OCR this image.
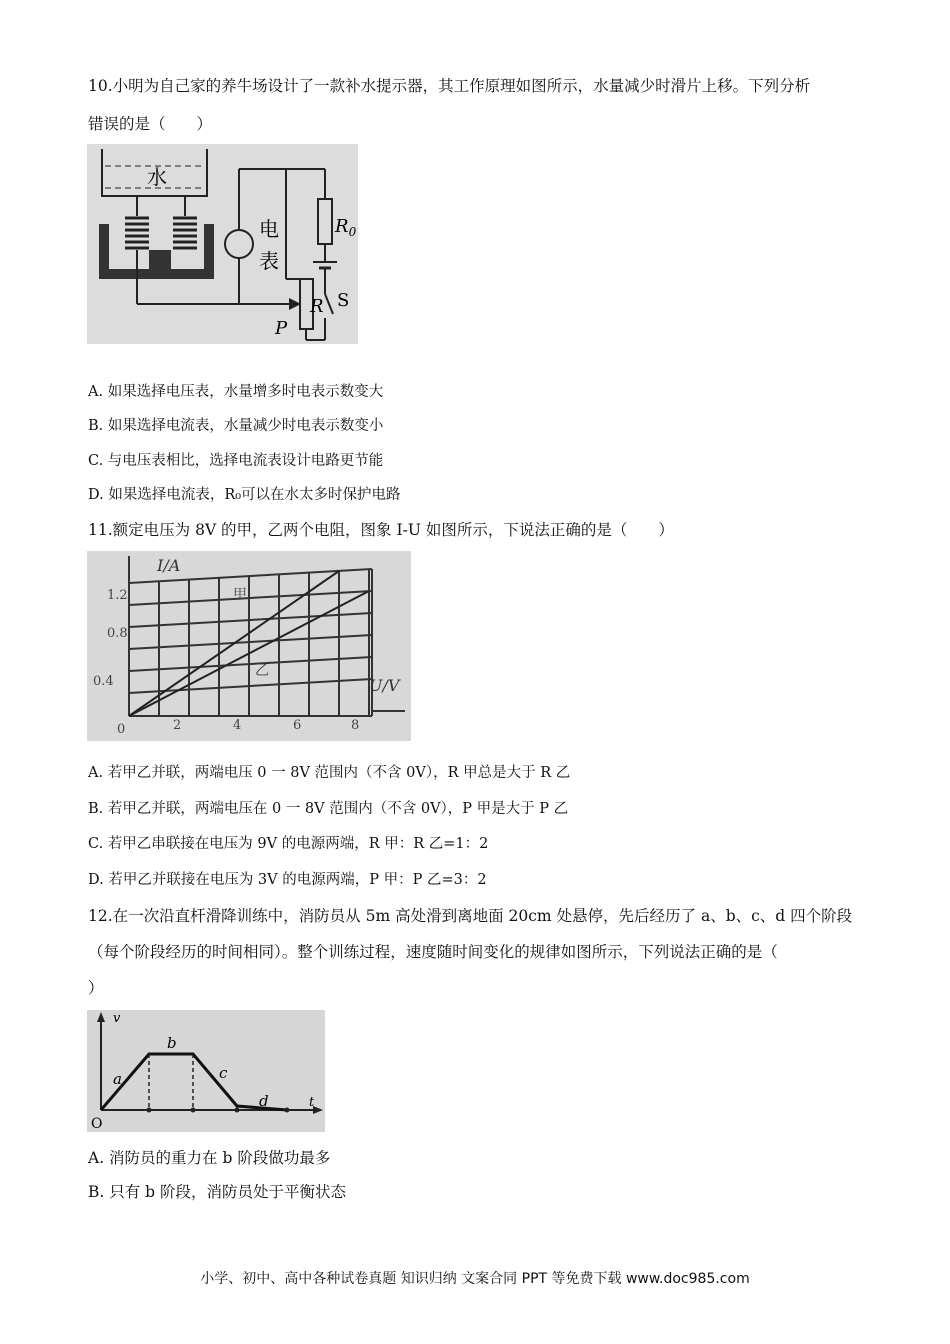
10.小明为自己家的养牛场设计了一款补水提示器，其工作原理如图所示，水量减少时滑片上移。下列分析
错误的是（　　）
水
电
表
$R_0$
R S
P
A. 如果选择电压表，水量增多时电表示数变大
B. 如果选择电流表，水量减少时电表示数变小
C. 与电压表相比，选择电流表设计电路更节能
D. 如果选择电流表，R₀可以在水太多时保护电路
11.额定电压为 8V 的甲，乙两个电阻，图象 I-U 如图所示，下说法正确的是（　　）
I/A
U/V
1.2
0.8
0.4
0	2	4	6	8
甲
乙
A. 若甲乙并联，两端电压 0 一 8V 范围内（不含 0V），R 甲总是大于 R 乙
B. 若甲乙并联，两端电压在 0 一 8V 范围内（不含 0V），P 甲是大于 P 乙
C. 若甲乙串联接在电压为 9V 的电源两端，R 甲：R 乙=1：2
D. 若甲乙并联接在电压为 3V 的电源两端，P 甲：P 乙=3：2
12.在一次沿直杆滑降训练中，消防员从 5m 高处滑到离地面 20cm 处悬停，先后经历了 a、b、c、d 四个阶段
（每个阶段经历的时间相同）。整个训练过程，速度随时间变化的规律如图所示，下列说法正确的是（
）
v
t
O
a
b
c
d
A. 消防员的重力在 b 阶段做功最多
B. 只有 b 阶段，消防员处于平衡状态
小学、初中、高中各种试卷真题 知识归纳 文案合同 PPT 等免费下载 www.doc985.com
